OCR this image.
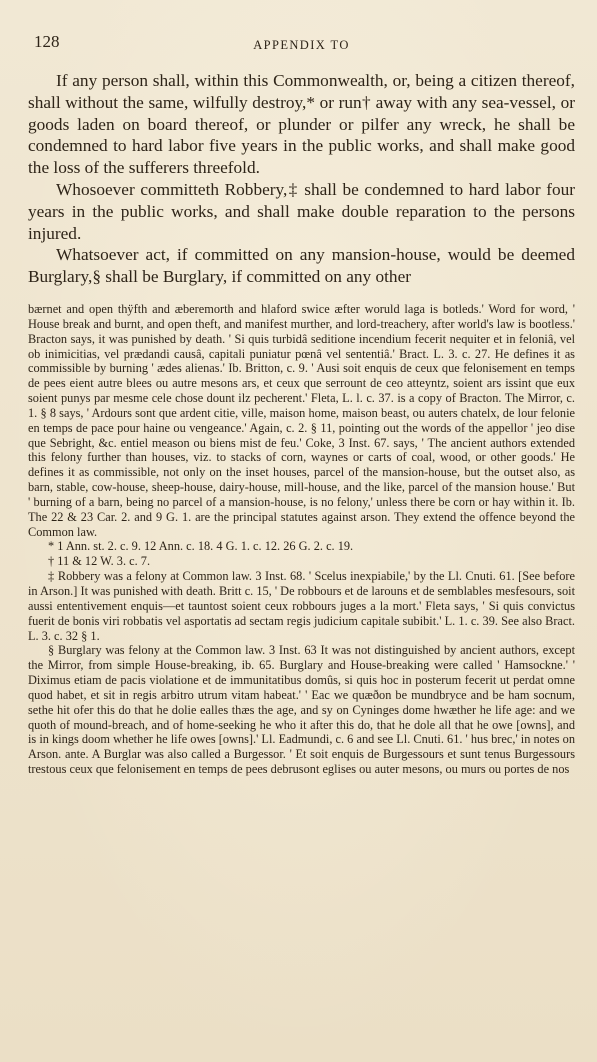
128	APPENDIX TO

If any person shall, within this Commonwealth, or, being a citizen thereof, shall without the same, wilfully destroy,* or run† away with any sea-vessel, or goods laden on board thereof, or plunder or pilfer any wreck, he shall be condemned to hard labor five years in the public works, and shall make good the loss of the sufferers threefold.

Whosoever committeth Robbery,‡ shall be condemned to hard labor four years in the public works, and shall make double reparation to the persons injured.

Whatsoever act, if committed on any mansion-house, would be deemed Burglary,§ shall be Burglary, if committed on any other

bærnet and open thÿfth and æberemorth and hlaford swice æfter woruld laga is botleds.' Word for word, ' House break and burnt, and open theft, and manifest murther, and lord-treachery, after world's law is bootless.' Bracton says, it was punished by death. ' Si quis turbidâ seditione incendium fecerit nequiter et in feloniâ, vel ob inimicitias, vel prædandi causâ, capitali puniatur pœnâ vel sententiâ.' Bract. L. 3. c. 27. He defines it as commissible by burning ' ædes alienas.' Ib. Britton, c. 9. ' Ausi soit enquis de ceux que felonisement en temps de pees eient autre blees ou autre mesons ars, et ceux que serrount de ceo atteyntz, soient ars issint que eux soient punys par mesme cele chose dount ilz pecherent.' Fleta, L. l. c. 37. is a copy of Bracton. The Mirror, c. 1. § 8 says, ' Ardours sont que ardent citie, ville, maison home, maison beast, ou auters chatelx, de lour felonie en temps de pace pour haine ou vengeance.' Again, c. 2. § 11, pointing out the words of the appellor ' jeo dise que Sebright, &c. entiel meason ou biens mist de feu.' Coke, 3 Inst. 67. says, ' The ancient authors extended this felony further than houses, viz. to stacks of corn, waynes or carts of coal, wood, or other goods.' He defines it as commissible, not only on the inset houses, parcel of the mansion-house, but the outset also, as barn, stable, cow-house, sheep-house, dairy-house, mill-house, and the like, parcel of the mansion house.' But ' burning of a barn, being no parcel of a mansion-house, is no felony,' unless there be corn or hay within it. Ib. The 22 & 23 Car. 2. and 9 G. 1. are the principal statutes against arson. They extend the offence beyond the Common law.

* 1 Ann. st. 2. c. 9. 12 Ann. c. 18. 4 G. 1. c. 12. 26 G. 2. c. 19.

† 11 & 12 W. 3. c. 7.

‡ Robbery was a felony at Common law. 3 Inst. 68. ' Scelus inexpiabile,' by the Ll. Cnuti. 61. [See before in Arson.] It was punished with death. Britt c. 15, ' De robbours et de larouns et de semblables mesfesours, soit aussi ententivement enquis—et tauntost soient ceux robbours juges a la mort.' Fleta says, ' Si quis convictus fuerit de bonis viri robbatis vel asportatis ad sectam regis judicium capitale subibit.' L. 1. c. 39. See also Bract. L. 3. c. 32 § 1.

§ Burglary was felony at the Common law. 3 Inst. 63 It was not distinguished by ancient authors, except the Mirror, from simple House-breaking, ib. 65. Burglary and House-breaking were called ' Hamsockne.' ' Diximus etiam de pacis violatione et de immunitatibus domûs, si quis hoc in posterum fecerit ut perdat omne quod habet, et sit in regis arbitro utrum vitam habeat.' ' Eac we quæðon be mundbryce and be ham socnum, sethe hit ofer this do that he dolie ealles thæs the age, and sy on Cyninges dome hwæther he life age: and we quoth of mound-breach, and of home-seeking he who it after this do, that he dole all that he owe [owns], and is in kings doom whether he life owes [owns].' Ll. Eadmundi, c. 6 and see Ll. Cnuti. 61. ' hus brec,' in notes on Arson. ante. A Burglar was also called a Burgessor. ' Et soit enquis de Burgessours et sunt tenus Burgessours trestous ceux que felonisement en temps de pees debrusont eglises ou auter mesons, ou murs ou portes de nos
